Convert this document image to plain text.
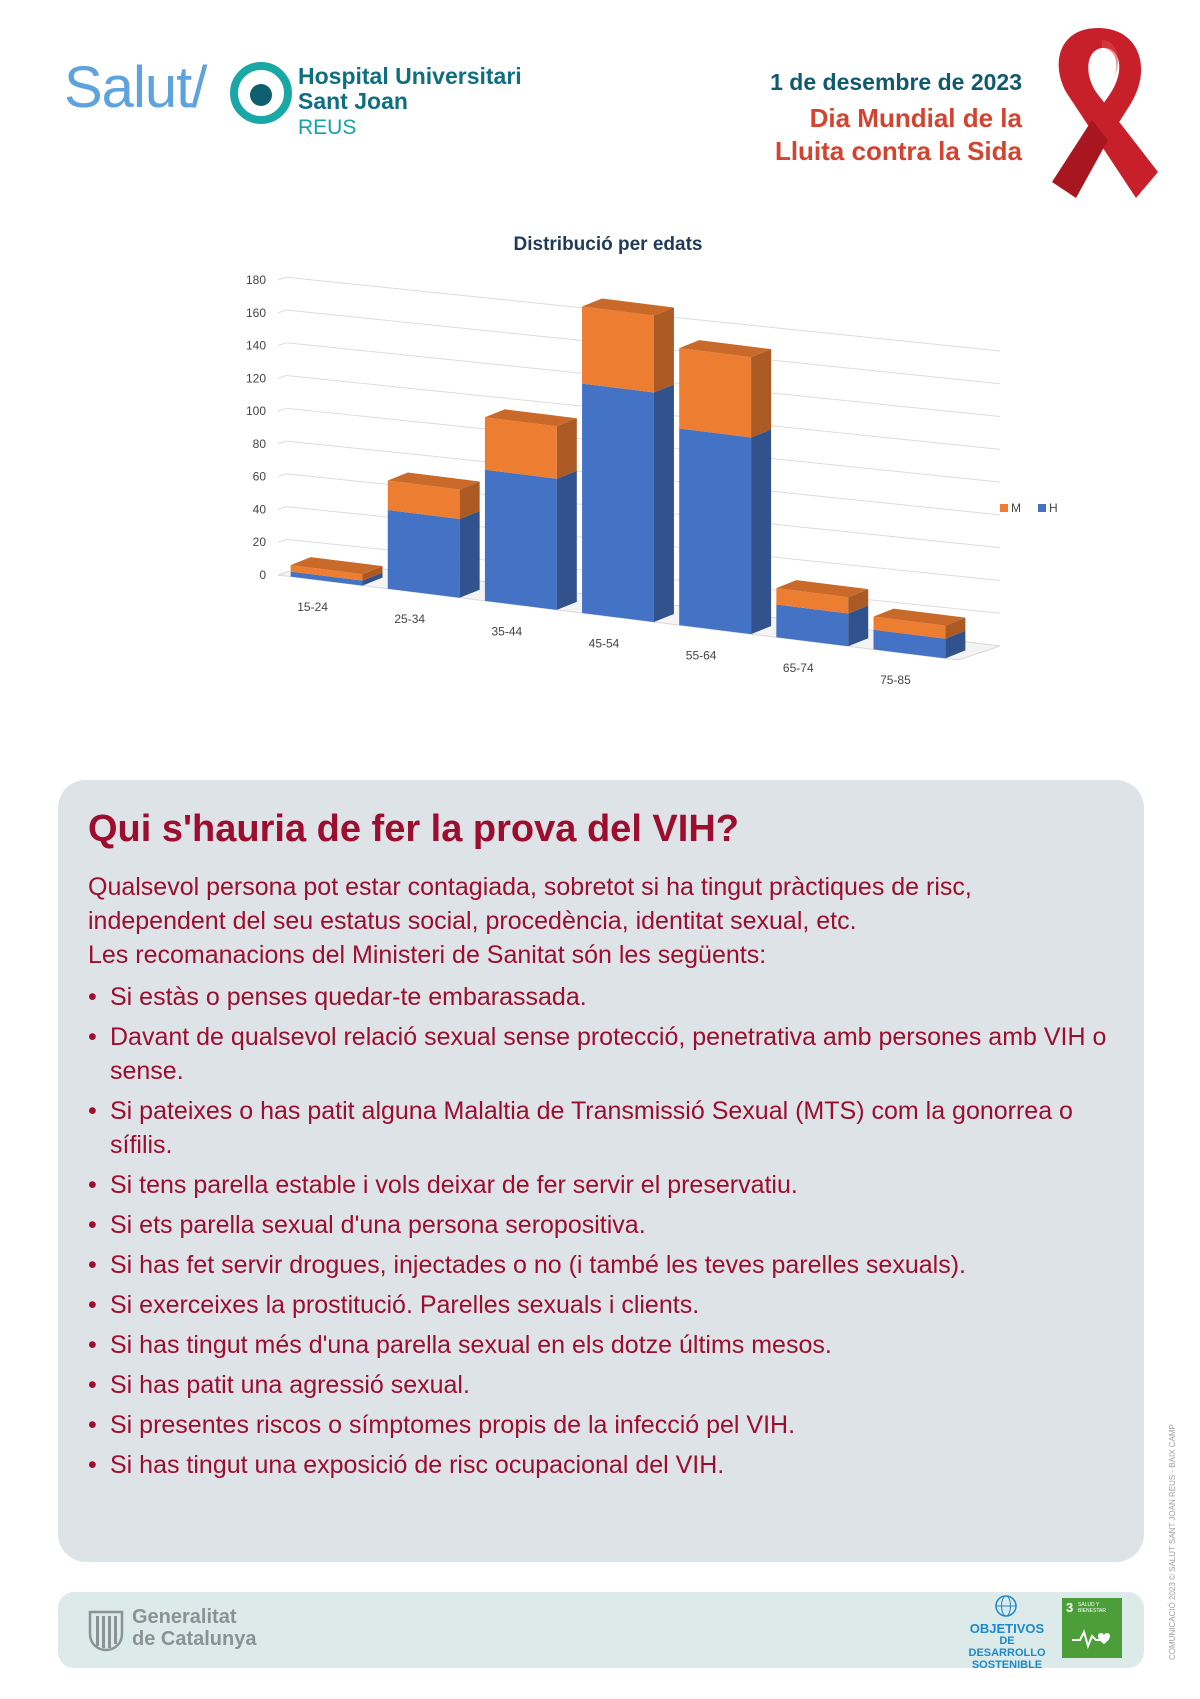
Salut/	Hospital Universitari
Sant Joan
REUS
1 de desembre de 2023
Dia Mundial de la
Lluita contra la Sida
Distribució per edats
0
20
40
60
80
100
120
140
160
180
15-24
25-34
35-44
45-54
55-64
65-74
75-85
M H
Qui s'hauria de fer la prova del VIH?
Qualsevol persona pot estar contagiada, sobretot si ha tingut pràctiques de risc,
independent del seu estatus social, procedència, identitat sexual, etc.
Les recomanacions del Ministeri de Sanitat són les següents:
• Si estàs o penses quedar-te embarassada.
• Davant de qualsevol relació sexual sense protecció, penetrativa amb persones amb VIH o sense.
• Si pateixes o has patit alguna Malaltia de Transmissió Sexual (MTS) com la gonorrea o sífilis.
• Si tens parella estable i vols deixar de fer servir el preservatiu.
• Si ets parella sexual d'una persona seropositiva.
• Si has fet servir drogues, injectades o no (i també les teves parelles sexuals).
• Si exerceixes la prostitució. Parelles sexuals i clients.
• Si has tingut més d'una parella sexual en els dotze últims mesos.
• Si has patit una agressió sexual.
• Si presentes riscos o símptomes propis de la infecció pel VIH.
• Si has tingut una exposició de risc ocupacional del VIH.
Generalitat
de Catalunya	OBJETIVOS
DE DESARROLLO
SOSTENIBLE
3 SALUD Y BIENESTAR	COMUNICACIÓ 2023 © SALUT SANT JOAN REUS - BAIX CAMP
